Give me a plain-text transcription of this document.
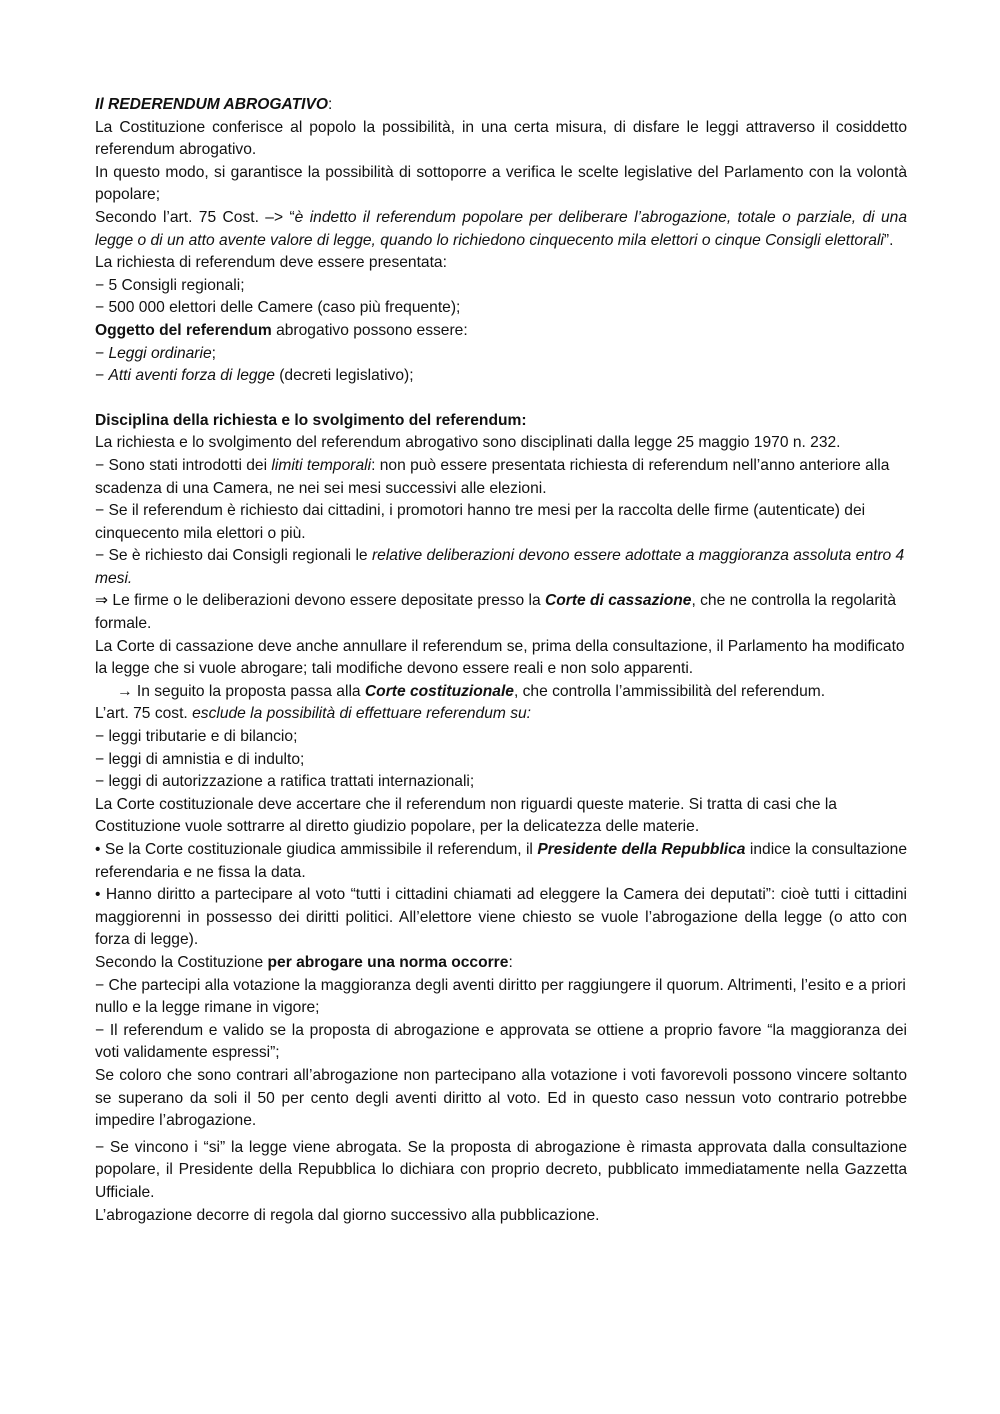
Il REDERENDUM ABROGATIVO:

La Costituzione conferisce al popolo la possibilità, in una certa misura, di disfare le leggi attraverso il cosiddetto referendum abrogativo.

In questo modo, si garantisce la possibilità di sottoporre a verifica le scelte legislative del Parlamento con la volontà popolare;

Secondo l’art. 75 Cost. –> “è indetto il referendum popolare per deliberare l’abrogazione, totale o parziale, di una legge o di un atto avente valore di legge, quando lo richiedono cinquecento mila elettori o cinque Consigli elettorali”.

La richiesta di referendum deve essere presentata:

− 5 Consigli regionali;

− 500 000 elettori delle Camere (caso più frequente);

Oggetto del referendum abrogativo possono essere:

− Leggi ordinarie;

− Atti aventi forza di legge (decreti legislativo);

Disciplina della richiesta e lo svolgimento del referendum:

La richiesta e lo svolgimento del referendum abrogativo sono disciplinati dalla legge 25 maggio 1970 n. 232.

− Sono stati introdotti dei limiti temporali: non può essere presentata richiesta di referendum nell’anno anteriore alla scadenza di una Camera, ne nei sei mesi successivi alle elezioni.

− Se il referendum è richiesto dai cittadini, i promotori hanno tre mesi per la raccolta delle firme (autenticate) dei cinquecento mila elettori o più.

− Se è richiesto dai Consigli regionali le relative deliberazioni devono essere adottate a maggioranza assoluta entro 4 mesi.

⇒ Le firme o le deliberazioni devono essere depositate presso la Corte di cassazione, che ne controlla la regolarità formale.

La Corte di cassazione deve anche annullare il referendum se, prima della consultazione, il Parlamento ha modificato la legge che si vuole abrogare; tali modifiche devono essere reali e non solo apparenti.

→ In seguito la proposta passa alla Corte costituzionale, che controlla l’ammissibilità del referendum.

L’art. 75 cost. esclude la possibilità di effettuare referendum su:

− leggi tributarie e di bilancio;

− leggi di amnistia e di indulto;

− leggi di autorizzazione a ratifica trattati internazionali;

La Corte costituzionale deve accertare che il referendum non riguardi queste materie. Si tratta di casi che la Costituzione vuole sottrarre al diretto giudizio popolare, per la delicatezza delle materie.

• Se la Corte costituzionale giudica ammissibile il referendum, il Presidente della Repubblica indice la consultazione referendaria e ne fissa la data.

• Hanno diritto a partecipare al voto “tutti i cittadini chiamati ad eleggere la Camera dei deputati”: cioè tutti i cittadini maggiorenni in possesso dei diritti politici. All’elettore viene chiesto se vuole l’abrogazione della legge (o atto con forza di legge).

Secondo la Costituzione per abrogare una norma occorre:

− Che partecipi alla votazione la maggioranza degli aventi diritto per raggiungere il quorum. Altrimenti, l’esito e a priori nullo e la legge rimane in vigore;

− Il referendum e valido se la proposta di abrogazione e approvata se ottiene a proprio favore “la maggioranza dei voti validamente espressi”;

Se coloro che sono contrari all’abrogazione non partecipano alla votazione i voti favorevoli possono vincere soltanto se superano da soli il 50 per cento degli aventi diritto al voto. Ed in questo caso nessun voto contrario potrebbe impedire l’abrogazione.

− Se vincono i “si” la legge viene abrogata. Se la proposta di abrogazione è rimasta approvata dalla consultazione popolare, il Presidente della Repubblica lo dichiara con proprio decreto, pubblicato immediatamente nella Gazzetta Ufficiale.

L’abrogazione decorre di regola dal giorno successivo alla pubblicazione.
